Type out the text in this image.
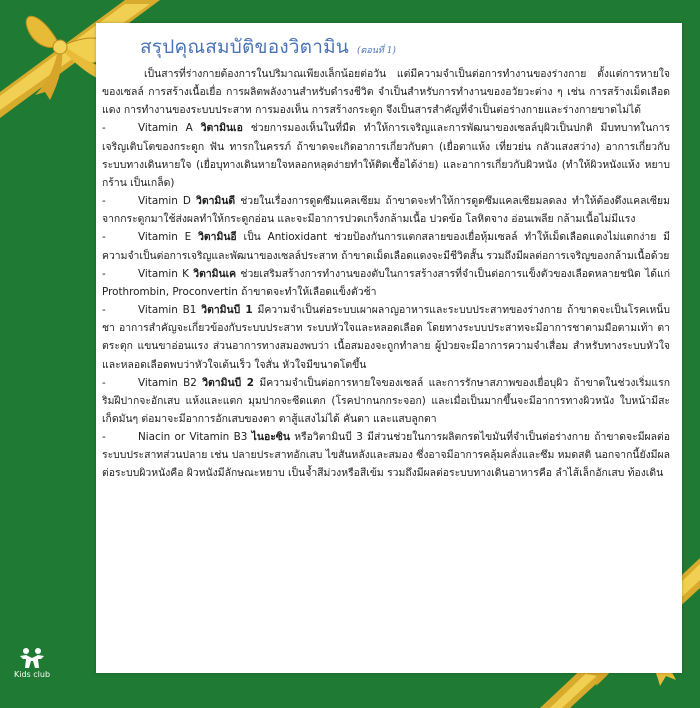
สรุปคุณสมบัติของวิตามิน (ตอนที่ 1)

เป็นสารที่ร่างกายต้องการในปริมาณเพียงเล็กน้อยต่อวัน แต่มีความจำเป็นต่อการทำงานของร่างกาย ตั้งแต่การหายใจของเซลล์ การสร้างเนื้อเยื่อ การผลิตพลังงานสำหรับดำรงชีวิต จำเป็นสำหรับการทำงานของอวัยวะต่าง ๆ เช่น การสร้างเม็ดเลือดแดง การทำงานของระบบประสาท การมองเห็น การสร้างกระดูก จึงเป็นสารสำคัญที่จำเป็นต่อร่างกายและร่างกายขาดไม่ได้

-	Vitamin A วิตามินเอ ช่วยการมองเห็นในที่มืด ทำให้การเจริญและการพัฒนาของเซลล์บุผิวเป็นปกติ มีบทบาทในการเจริญเติบโตของกระดูก ฟัน ทารกในครรภ์ ถ้าขาดจะเกิดอาการเกี่ยวกับตา (เยื่อตาแห้ง เที่ยวย่น กลัวแสงสว่าง) อาการเกี่ยวกับระบบทางเดินหายใจ (เยื่อบุทางเดินหายใจหลอกหลุดง่ายทำให้ติดเชื้อได้ง่าย) และอาการเกี่ยวกับผิวหนัง (ทำให้ผิวหนังแห้ง หยาบกร้าน เป็นเกล็ด)

-	Vitamin D วิตามินดี ช่วยในเรื่องการดูดซึมแคลเซียม ถ้าขาดจะทำให้การดูดซึมแคลเซียมลดลง ทำให้ต้องดึงแคลเซียมจากกระดูกมาใช้ส่งผลทำให้กระดูกอ่อน และจะมีอาการปวดเกร็งกล้ามเนื้อ ปวดข้อ โลหิตจาง อ่อนเพลีย กล้ามเนื้อไม่มีแรง

-	Vitamin E วิตามินอี เป็น Antioxidant ช่วยป้องกันการแตกสลายของเยื่อหุ้มเซลล์ ทำให้เม็ดเลือดแดงไม่แตกง่าย มีความจำเป็นต่อการเจริญและพัฒนาของเซลล์ประสาท ถ้าขาดเม็ดเลือดแดงจะมีชีวิตสั้น รวมถึงมีผลต่อการเจริญของกล้ามเนื้อด้วย

-	Vitamin K วิตามินเค ช่วยเสริมสร้างการทำงานของตับในการสร้างสารที่จำเป็นต่อการแข็งตัวของเลือดหลายชนิด ได้แก่ Prothrombin, Proconvertin ถ้าขาดจะทำให้เลือดแข็งตัวช้า

-	Vitamin B1 วิตามินบี 1 มีความจำเป็นต่อระบบเผาผลาญอาหารและระบบประสาทของร่างกาย ถ้าขาดจะเป็นโรคเหน็บชา อาการสำคัญจะเกี่ยวข้องกับระบบประสาท ระบบหัวใจและหลอดเลือด โดยทางระบบประสาทจะมีอาการชาตามมือตามเท้า ตาตระตุก แขนขาอ่อนแรง ส่วนอาการทางสมองพบว่า เนื้อสมองจะถูกทำลาย ผู้ป่วยจะมีอาการความจำเสื่อม สำหรับทางระบบหัวใจและหลอดเลือดพบว่าหัวใจเต้นเร็ว ใจสั่น หัวใจมีขนาดโตขึ้น

-	Vitamin B2 วิตามินบี 2 มีความจำเป็นต่อการหายใจของเซลล์ และการรักษาสภาพของเยื่อบุผิว ถ้าขาดในช่วงเริ่มแรกริมฝีปากจะอักเสบ แห้งและแตก มุมปากจะซีดแตก (โรคปากนกกระจอก) และเมื่อเป็นมากขึ้นจะมีอาการทางผิวหนัง ใบหน้ามีสะเก็ดมันๆ ต่อมาจะมีอาการอักเสบของตา ตาสู้แสงไม่ได้ คันตา และแสบลูกตา

-	Niacin or Vitamin B3 ไนอะซิน หรือวิตามินบี 3 มีส่วนช่วยในการผลิตกรดไขมันที่จำเป็นต่อร่างกาย ถ้าขาดจะมีผลต่อระบบประสาทส่วนปลาย เช่น ปลายประสาทอักเสบ ไขสันหลังและสมอง ซึ่งอาจมีอาการคลุ้มคลั่งและซึม หมดสติ นอกจากนี้ยังมีผลต่อระบบผิวหนังคือ ผิวหนังมีลักษณะหยาบ เป็นจ้ำสีม่วงหรือสีเข้ม รวมถึงมีผลต่อระบบทางเดินอาหารคือ ลำไส้เล็กอักเสบ ท้องเดิน

Kids club
